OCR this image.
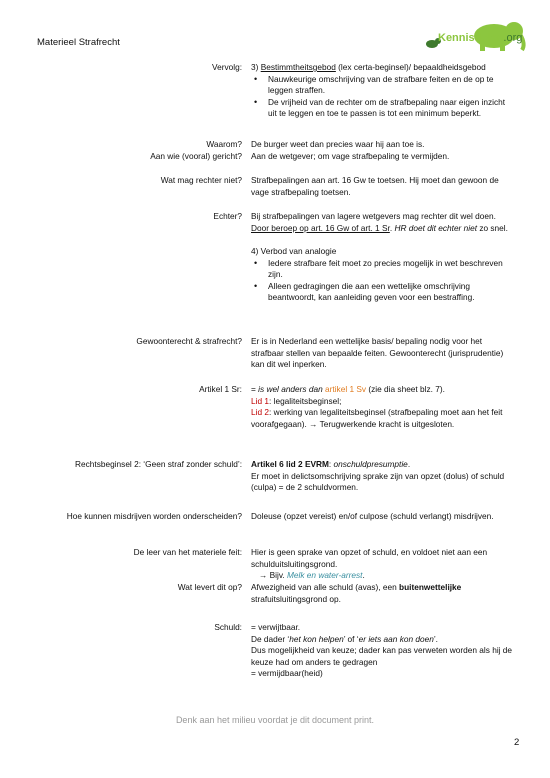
Materieel Strafrecht	Kennisdelen.org
Vervolg: 3) Bestimmtheitsgebod (lex certa-beginsel)/ bepaaldheidsgebod

• Nauwkeurige omschrijving van de strafbare feiten en de op te leggen straffen.
• De vrijheid van de rechter om de strafbepaling naar eigen inzicht uit te leggen en toe te passen is tot een minimum beperkt.
Waarom? De burger weet dan precies waar hij aan toe is.
Aan wie (vooral) gericht? Aan de wetgever; om vage strafbepaling te vermijden.
Wat mag rechter niet? Strafbepalingen aan art. 16 Gw te toetsen. Hij moet dan gewoon de vage strafbepaling toetsen.
Echter? Bij strafbepalingen van lagere wetgevers mag rechter dit wel doen. Door beroep op art. 16 Gw of art. 1 Sr. HR doet dit echter niet zo snel.

4) Verbod van analogie

• Iedere strafbare feit moet zo precies mogelijk in wet beschreven zijn.
• Alleen gedragingen die aan een wettelijke omschrijving beantwoordt, kan aanleiding geven voor een bestraffing.
Gewoonterecht & strafrecht? Er is in Nederland een wettelijke basis/ bepaling nodig voor het strafbaar stellen van bepaalde feiten. Gewoonterecht (jurisprudentie) kan dit wel inperken.
Artikel 1 Sr: = is wel anders dan artikel 1 Sv (zie dia sheet blz. 7).

Lid 1: legaliteitsbeginsel;

Lid 2: werking van legaliteitsbeginsel (strafbepaling moet aan het feit voorafgegaan). → Terugwerkende kracht is uitgesloten.

Rechtsbeginsel 2: ‘Geen straf zonder schuld’: Artikel 6 lid 2 EVRM: onschuldpresumptie.

Er moet in delictsomschrijving sprake zijn van opzet (dolus) of schuld (culpa) = de 2 schuldvormen.

Hoe kunnen misdrijven worden onderscheiden? Doleuse (opzet vereist) en/of culpose (schuld verlangt) misdrijven.
De leer van het materiele feit: Hier is geen sprake van opzet of schuld, en voldoet niet aan een schulduitsluitingsgrond.

→ Bijv. Melk en water-arrest.

Wat levert dit op? Afwezigheid van alle schuld (avas), een buitenwettelijke strafuitsluitingsgrond op.

Schuld: = verwijtbaar.

De dader ‘het kon helpen’ of ‘er iets aan kon doen’.

Dus mogelijkheid van keuze; dader kan pas verweten worden als hij de keuze had om anders te gedragen

= vermijdbaar(heid)

Denk aan het milieu voordat je dit document print.
2
